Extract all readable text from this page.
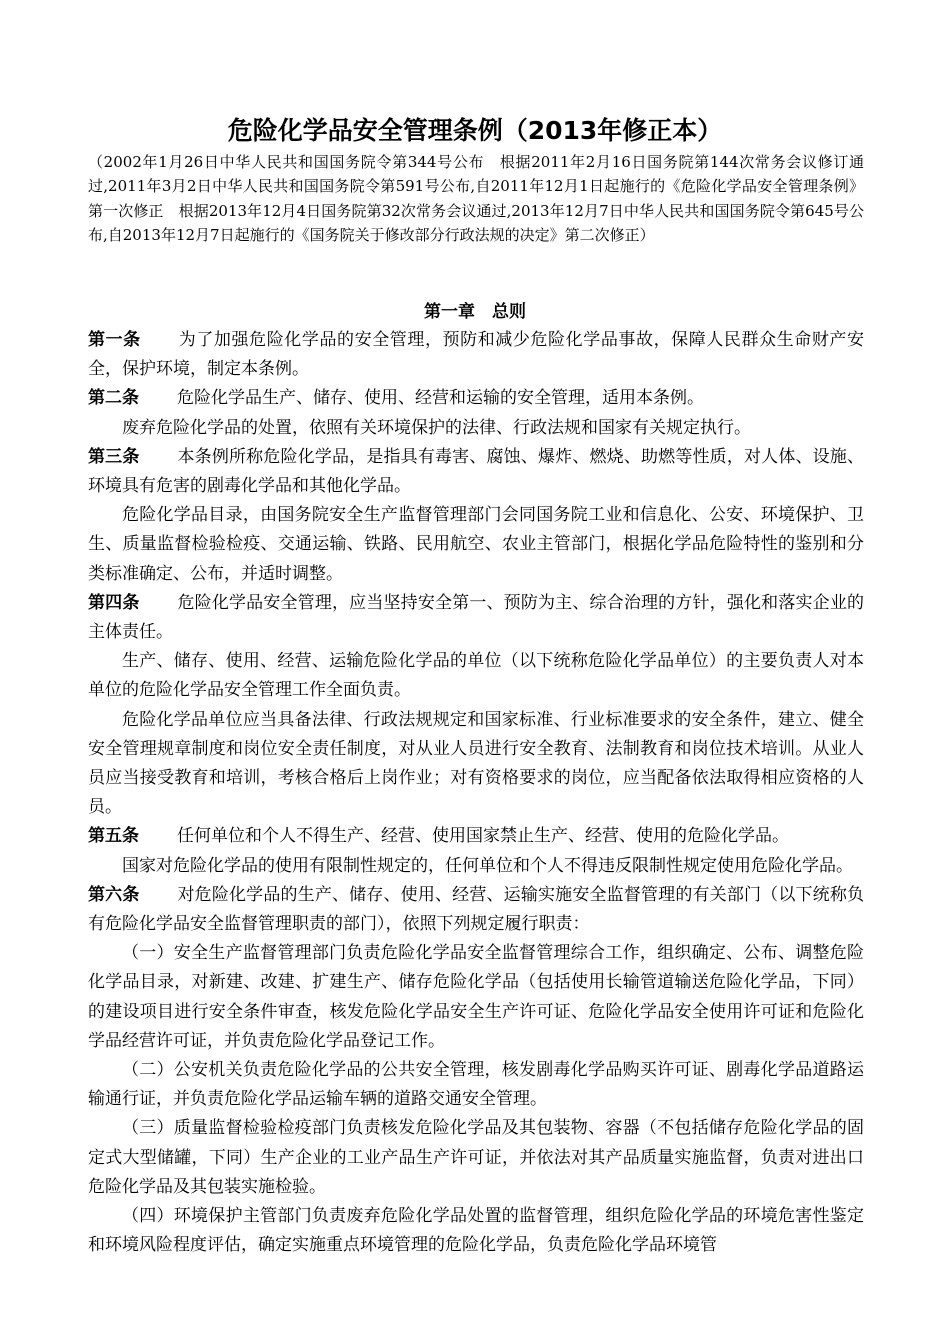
危险化学品安全管理条例（2013年修正本）

（2002年1月26日中华人民共和国国务院令第344号公布　根据2011年2月16日国务院第144次常务会议修订通过,2011年3月2日中华人民共和国国务院令第591号公布,自2011年12月1日起施行的《危险化学品安全管理条例》第一次修正　根据2013年12月4日国务院第32次常务会议通过,2013年12月7日中华人民共和国国务院令第645号公布,自2013年12月7日起施行的《国务院关于修改部分行政法规的决定》第二次修正）

第一章　总则

第一条 为了加强危险化学品的安全管理，预防和减少危险化学品事故，保障人民群众生命财产安全，保护环境，制定本条例。

第二条 危险化学品生产、储存、使用、经营和运输的安全管理，适用本条例。

废弃危险化学品的处置，依照有关环境保护的法律、行政法规和国家有关规定执行。

第三条 本条例所称危险化学品，是指具有毒害、腐蚀、爆炸、燃烧、助燃等性质，对人体、设施、环境具有危害的剧毒化学品和其他化学品。

危险化学品目录，由国务院安全生产监督管理部门会同国务院工业和信息化、公安、环境保护、卫生、质量监督检验检疫、交通运输、铁路、民用航空、农业主管部门，根据化学品危险特性的鉴别和分类标准确定、公布，并适时调整。

第四条 危险化学品安全管理，应当坚持安全第一、预防为主、综合治理的方针，强化和落实企业的主体责任。

生产、储存、使用、经营、运输危险化学品的单位（以下统称危险化学品单位）的主要负责人对本单位的危险化学品安全管理工作全面负责。

危险化学品单位应当具备法律、行政法规规定和国家标准、行业标准要求的安全条件，建立、健全安全管理规章制度和岗位安全责任制度，对从业人员进行安全教育、法制教育和岗位技术培训。从业人员应当接受教育和培训，考核合格后上岗作业；对有资格要求的岗位，应当配备依法取得相应资格的人员。

第五条 任何单位和个人不得生产、经营、使用国家禁止生产、经营、使用的危险化学品。

国家对危险化学品的使用有限制性规定的，任何单位和个人不得违反限制性规定使用危险化学品。

第六条 对危险化学品的生产、储存、使用、经营、运输实施安全监督管理的有关部门（以下统称负有危险化学品安全监督管理职责的部门），依照下列规定履行职责：

（一）安全生产监督管理部门负责危险化学品安全监督管理综合工作，组织确定、公布、调整危险化学品目录，对新建、改建、扩建生产、储存危险化学品（包括使用长输管道输送危险化学品，下同）的建设项目进行安全条件审查，核发危险化学品安全生产许可证、危险化学品安全使用许可证和危险化学品经营许可证，并负责危险化学品登记工作。

（二）公安机关负责危险化学品的公共安全管理，核发剧毒化学品购买许可证、剧毒化学品道路运输通行证，并负责危险化学品运输车辆的道路交通安全管理。

（三）质量监督检验检疫部门负责核发危险化学品及其包装物、容器（不包括储存危险化学品的固定式大型储罐，下同）生产企业的工业产品生产许可证，并依法对其产品质量实施监督，负责对进出口危险化学品及其包装实施检验。

（四）环境保护主管部门负责废弃危险化学品处置的监督管理，组织危险化学品的环境危害性鉴定和环境风险程度评估，确定实施重点环境管理的危险化学品，负责危险化学品环境管
